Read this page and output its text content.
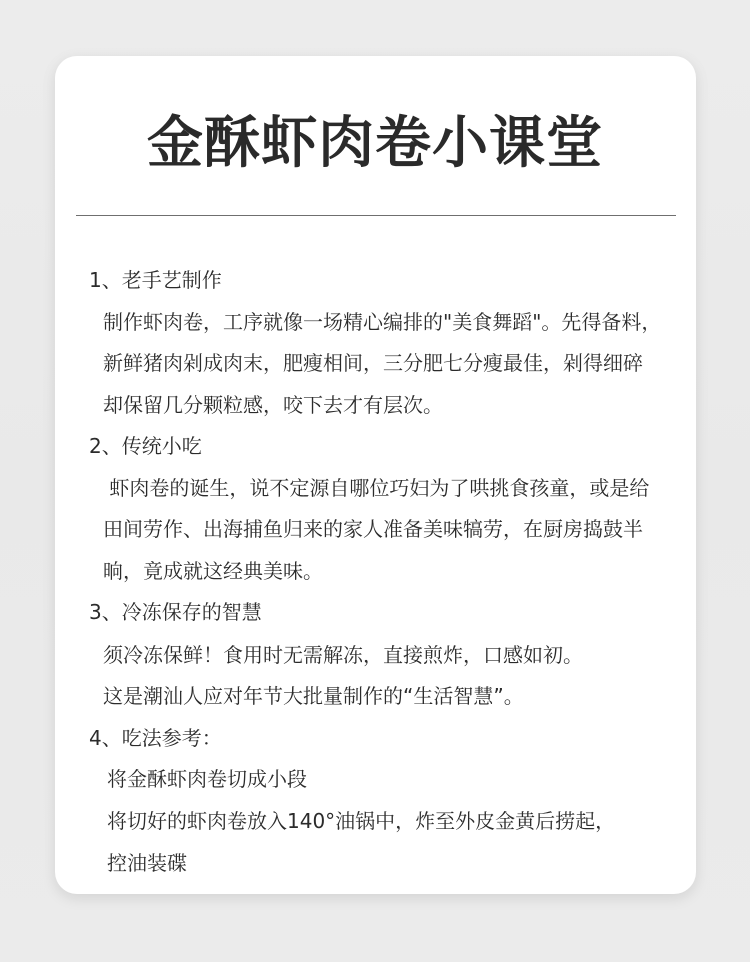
金酥虾肉卷小课堂
1、老手艺制作
制作虾肉卷，工序就像一场精心编排的"美食舞蹈"。先得备料，
新鲜猪肉剁成肉末，肥瘦相间，三分肥七分瘦最佳，剁得细碎
却保留几分颗粒感，咬下去才有层次。
2、传统小吃
虾肉卷的诞生，说不定源自哪位巧妇为了哄挑食孩童，或是给
田间劳作、出海捕鱼归来的家人准备美味犒劳，在厨房捣鼓半
晌，竟成就这经典美味。
3、冷冻保存的智慧
须冷冻保鲜！食用时无需解冻，直接煎炸，口感如初。
这是潮汕人应对年节大批量制作的“生活智慧”。
4、吃法参考：
将金酥虾肉卷切成小段
将切好的虾肉卷放入140°油锅中，炸至外皮金黄后捞起，
控油装碟
